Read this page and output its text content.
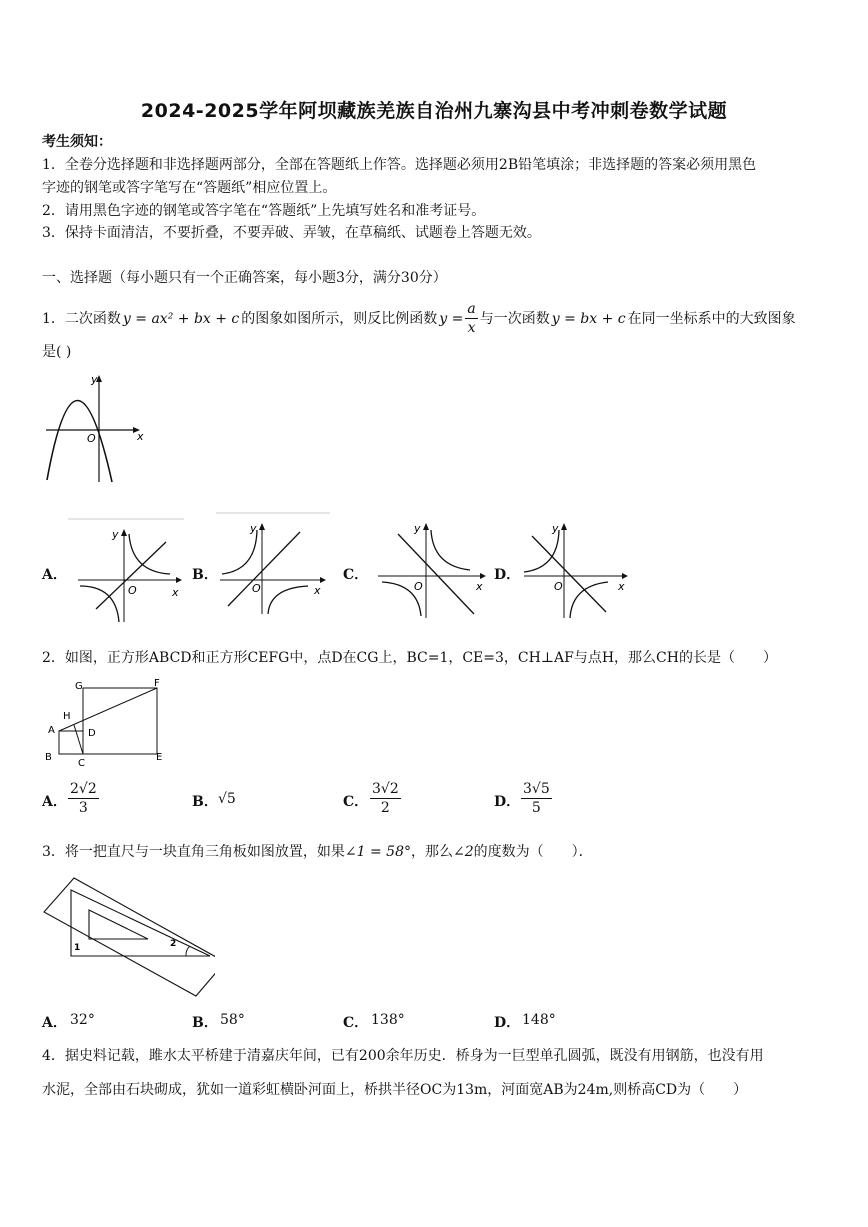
2024-2025学年阿坝藏族羌族自治州九寨沟县中考冲刺卷数学试题
考生须知：
1．全卷分选择题和非选择题两部分，全部在答题纸上作答。选择题必须用2B铅笔填涂；非选择题的答案必须用黑色
字迹的钢笔或答字笔写在“答题纸”相应位置上。
2．请用黑色字迹的钢笔或答字笔在“答题纸”上先填写姓名和准考证号。
3．保持卡面清洁，不要折叠，不要弄破、弄皱，在草稿纸、试题卷上答题无效。
一、选择题（每小题只有一个正确答案，每小题3分，满分30分）
1．二次函数 y = ax² + bx + c 的图象如图所示，则反比例函数 $y = \frac{a}{x}$ 与一次函数 y = bx + c 在同一坐标系中的大致图象
是( )
y
x
O
A．
y
x
O
B．
y
x
O
C．
y
x
O
D．
y
x
O
2．如图，正方形ABCD和正方形CEFG中，点D在CG上，BC=1，CE=3，CH⊥AF与点H，那么CH的长是（　　）
G	F
H
A	D
B
C
E
A． $\frac{2√2}{3}$	B． √5	C． $\frac{3√2}{2}$	D． $\frac{3√5}{5}$
3．将一把直尺与一块直角三角板如图放置，如果∠1 = 58°，那么∠2的度数为（　　）．
1	2
A． 32°	B． 58°	C． 138°	D． 148°
4．据史料记载，雎水太平桥建于清嘉庆年间，已有200余年历史．桥身为一巨型单孔圆弧，既没有用钢筋，也没有用
水泥，全部由石块砌成，犹如一道彩虹横卧河面上，桥拱半径OC为13m，河面宽AB为24m,则桥高CD为（　　）
